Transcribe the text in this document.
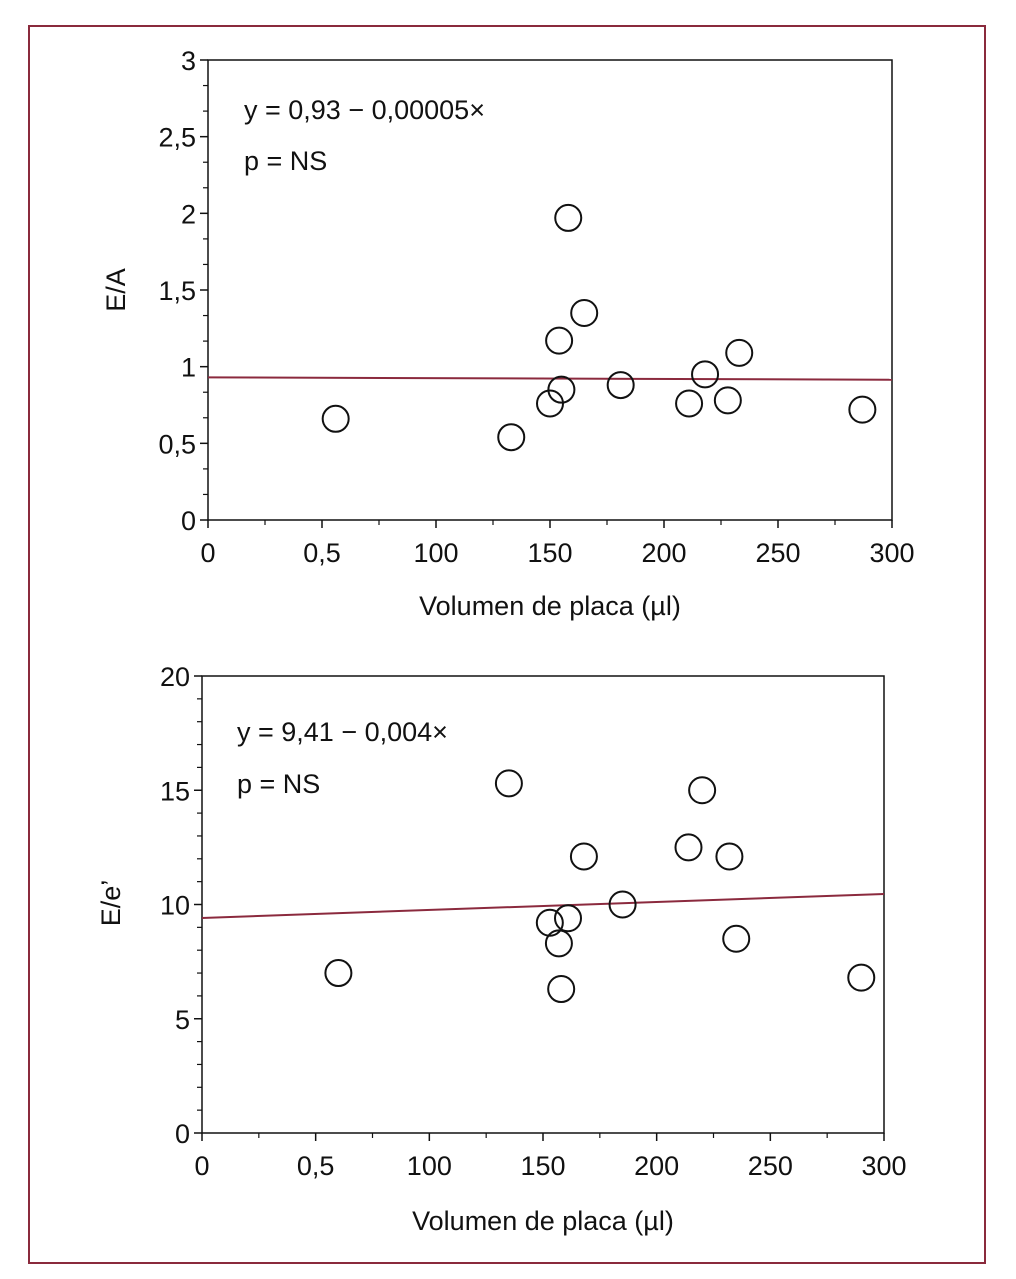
0	0,5	100	150	200	250	300
0
0,5
1
1,5
2
2,5
3
y = 0,93 − 0,00005×
p = NS
Volumen de placa (µl)
E/A
0	0,5	100	150	200	250	300
0
5
10
15
20
y = 9,41 − 0,004×
p = NS
Volumen de placa (µl)
E/e’
